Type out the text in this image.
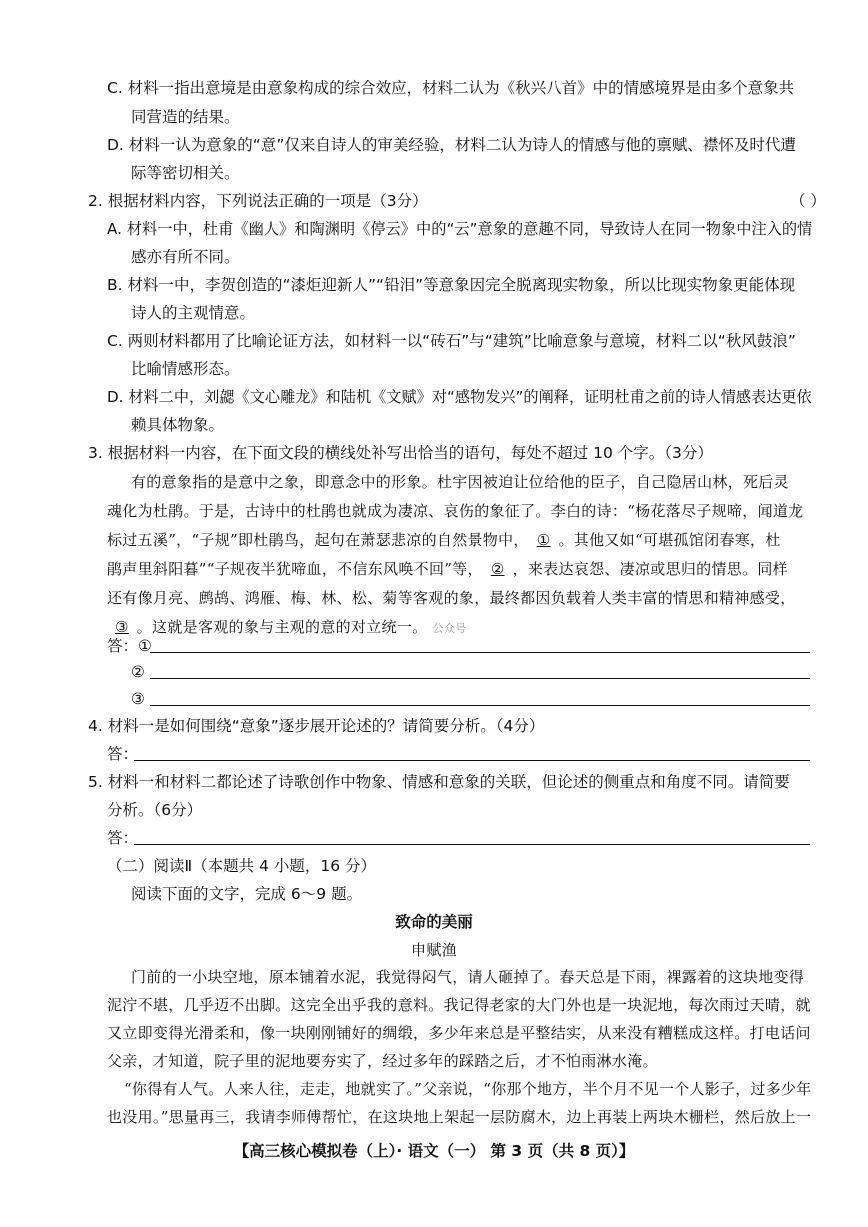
C. 材料一指出意境是由意象构成的综合效应，材料二认为《秋兴八首》中的情感境界是由多个意象共
同营造的结果。
D. 材料一认为意象的“意”仅来自诗人的审美经验，材料二认为诗人的情感与他的禀赋、襟怀及时代遭
际等密切相关。
2. 根据材料内容，下列说法正确的一项是（3分）	（ ）
A. 材料一中，杜甫《幽人》和陶渊明《停云》中的“云”意象的意趣不同，导致诗人在同一物象中注入的情
感亦有所不同。
B. 材料一中，李贺创造的“漆炬迎新人”“铅泪”等意象因完全脱离现实物象，所以比现实物象更能体现
诗人的主观情意。
C. 两则材料都用了比喻论证方法，如材料一以“砖石”与“建筑”比喻意象与意境，材料二以“秋风鼓浪”
比喻情感形态。
D. 材料二中，刘勰《文心雕龙》和陆机《文赋》对“感物发兴”的阐释，证明杜甫之前的诗人情感表达更依
赖具体物象。
3. 根据材料一内容，在下面文段的横线处补写出恰当的语句，每处不超过 10 个字。（3分）
有的意象指的是意中之象，即意念中的形象。杜宇因被迫让位给他的臣子，自己隐居山林，死后灵
魂化为杜鹃。于是，古诗中的杜鹃也就成为凄凉、哀伤的象征了。李白的诗：“杨花落尽子规啼，闻道龙
标过五溪”，“子规”即杜鹃鸟，起句在萧瑟悲凉的自然景物中， ① 。其他又如“可堪孤馆闭春寒，杜
鹃声里斜阳暮”“子规夜半犹啼血，不信东风唤不回”等， ② ，来表达哀怨、凄凉或思归的情思。同样
还有像月亮、鹧鸪、鸿雁、梅、林、松、菊等客观的象，最终都因负载着人类丰富的情思和精神感受，
③ 。这就是客观的象与主观的意的对立统一。 公众号
答：①
②
③
4. 材料一是如何围绕“意象”逐步展开论述的？请简要分析。（4分）
答：
5. 材料一和材料二都论述了诗歌创作中物象、情感和意象的关联，但论述的侧重点和角度不同。请简要
分析。（6分）
答：
（二）阅读Ⅱ（本题共 4 小题，16 分）
阅读下面的文字，完成 6～9 题。
致命的美丽
申赋渔
门前的一小块空地，原本铺着水泥，我觉得闷气，请人砸掉了。春天总是下雨，裸露着的这块地变得
泥泞不堪，几乎迈不出脚。这完全出乎我的意料。我记得老家的大门外也是一块泥地，每次雨过天晴，就
又立即变得光滑柔和，像一块刚刚铺好的绸缎，多少年来总是平整结实，从来没有糟糕成这样。打电话问
父亲，才知道，院子里的泥地要夯实了，经过多年的踩踏之后，才不怕雨淋水淹。
“你得有人气。人来人往，走走，地就实了。”父亲说，“你那个地方，半个月不见一个人影子，过多少年
也没用。”思量再三，我请李师傅帮忙，在这块地上架起一层防腐木，边上再装上两块木栅栏，然后放上一
【高三核心模拟卷（上）· 语文（一） 第 3 页（共 8 页）】
